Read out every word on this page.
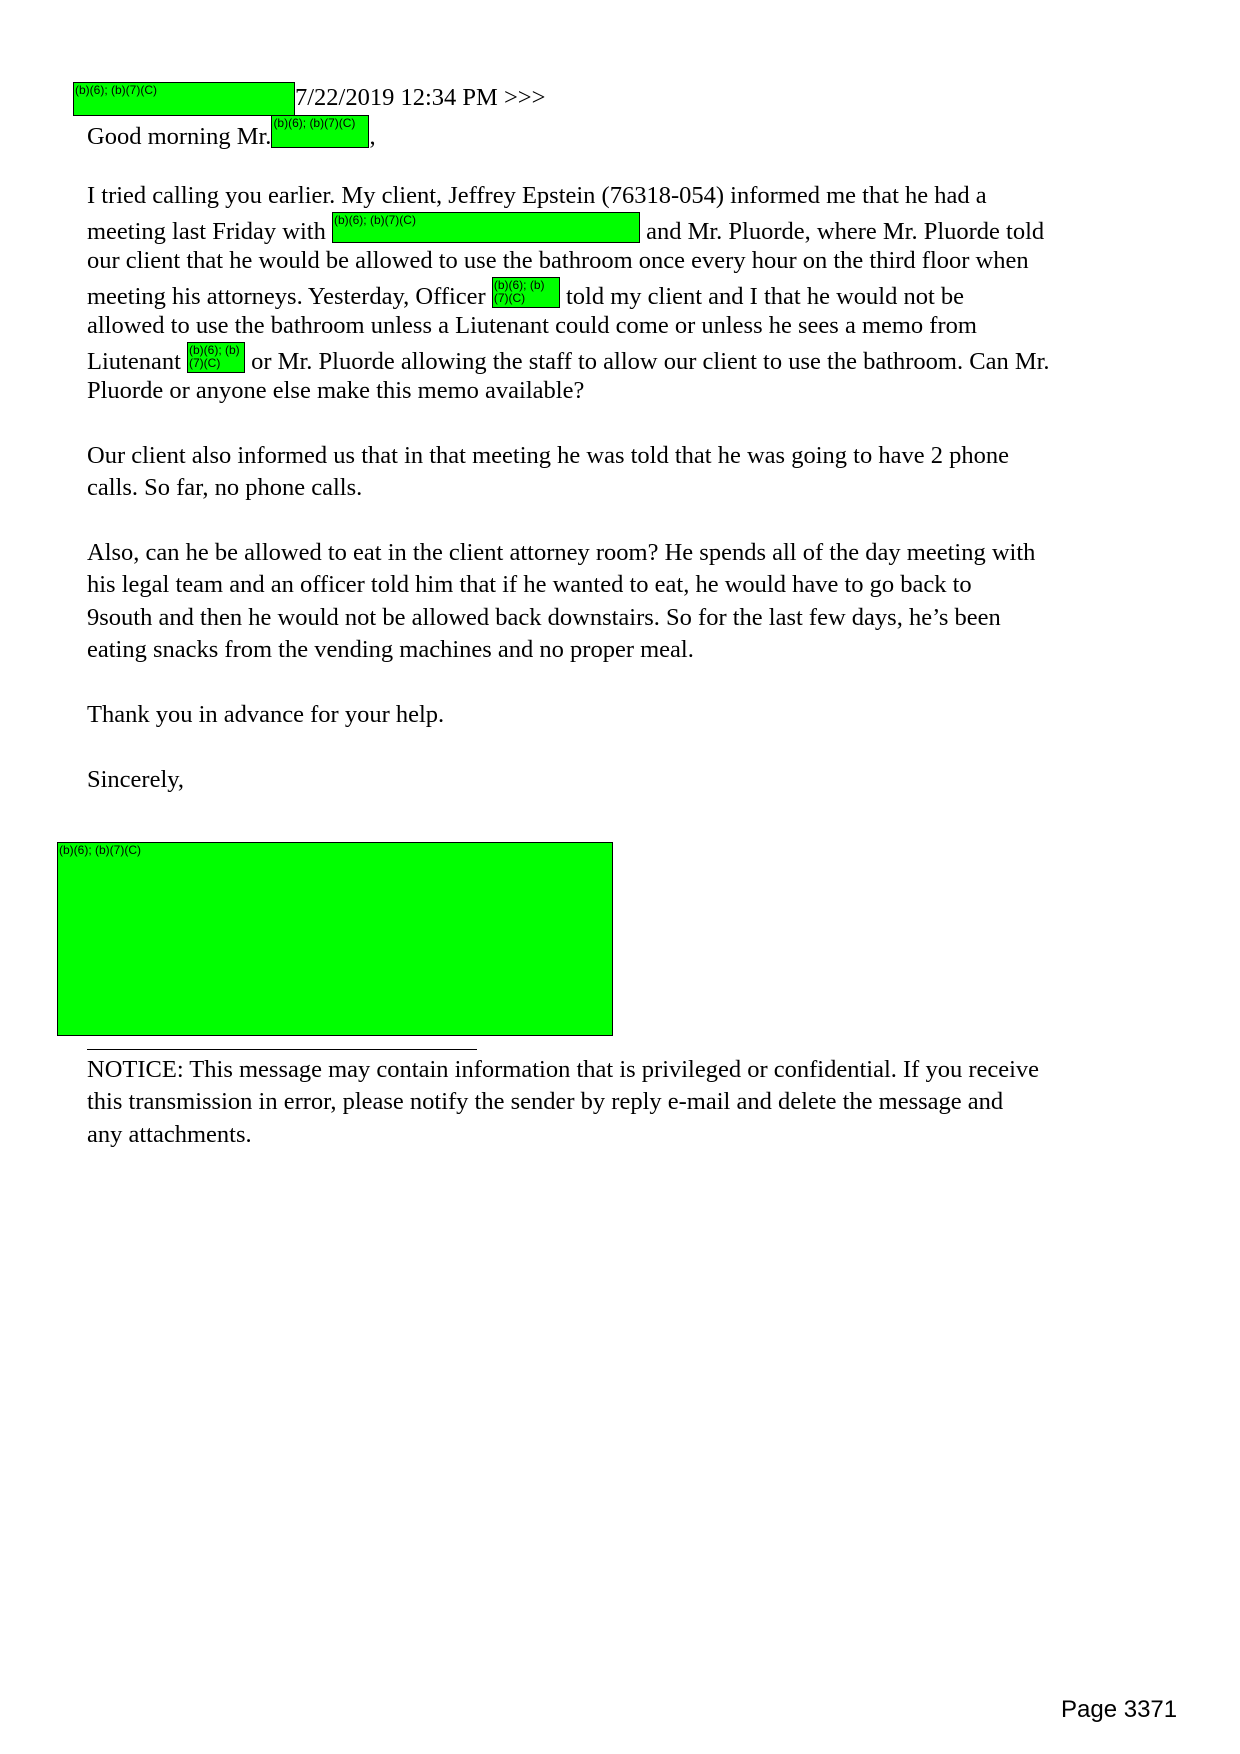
(b)(6); (b)(7)(C)	7/22/2019 12:34 PM >>>
Good morning Mr. (b)(6); (b)(7)(C) ,
I tried calling you earlier. My client, Jeffrey Epstein (76318-054) informed me that he had a
meeting last Friday with (b)(6); (b)(7)(C)	and Mr. Pluorde, where Mr. Pluorde told
our client that he would be allowed to use the bathroom once every hour on the third floor when
meeting his attorneys. Yesterday, Officer (b)(6); (b)(7)(C) told my client and I that he would not be
allowed to use the bathroom unless a Liutenant could come or unless he sees a memo from
Liutenant (b)(6); (b)(7)(C) or Mr. Pluorde allowing the staff to allow our client to use the bathroom. Can Mr.
Pluorde or anyone else make this memo available?
Our client also informed us that in that meeting he was told that he was going to have 2 phone
calls. So far, no phone calls.
Also, can he be allowed to eat in the client attorney room? He spends all of the day meeting with
his legal team and an officer told him that if he wanted to eat, he would have to go back to
9south and then he would not be allowed back downstairs. So for the last few days, he’s been
eating snacks from the vending machines and no proper meal.
Thank you in advance for your help.
Sincerely,
(b)(6); (b)(7)(C)
NOTICE: This message may contain information that is privileged or confidential. If you receive
this transmission in error, please notify the sender by reply e-mail and delete the message and
any attachments.
Page 3371
